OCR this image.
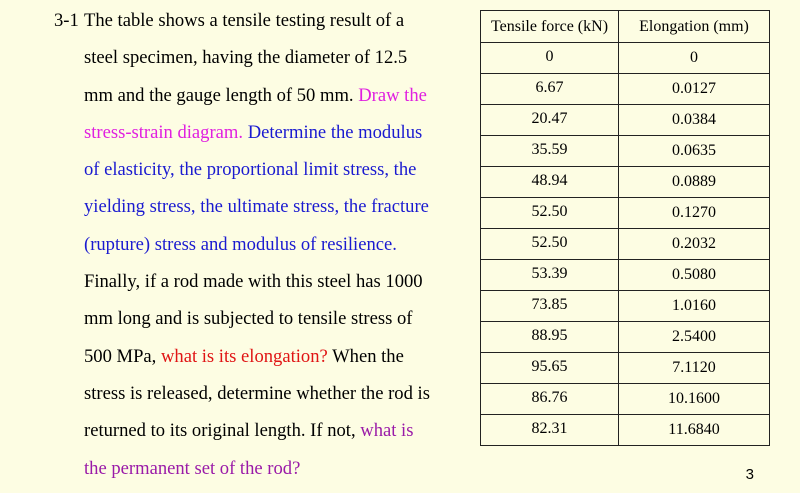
3-1 The table shows a tensile testing result of a
steel specimen, having the diameter of 12.5
mm and the gauge length of 50 mm. Draw the
stress-strain diagram. Determine the modulus
of elasticity, the proportional limit stress, the
yielding stress, the ultimate stress, the fracture
(rupture) stress and modulus of resilience.
Finally, if a rod made with this steel has 1000
mm long and is subjected to tensile stress of
500 MPa, what is its elongation? When the
stress is released, determine whether the rod is
returned to its original length. If not, what is
the permanent set of the rod?
Tensile force (kN)	Elongation (mm)
0	0
6.67	0.0127
20.47	0.0384
35.59	0.0635
48.94	0.0889
52.50	0.1270
52.50	0.2032
53.39	0.5080
73.85	1.0160
88.95	2.5400
95.65	7.1120
86.76	10.1600
82.31	11.6840
3
